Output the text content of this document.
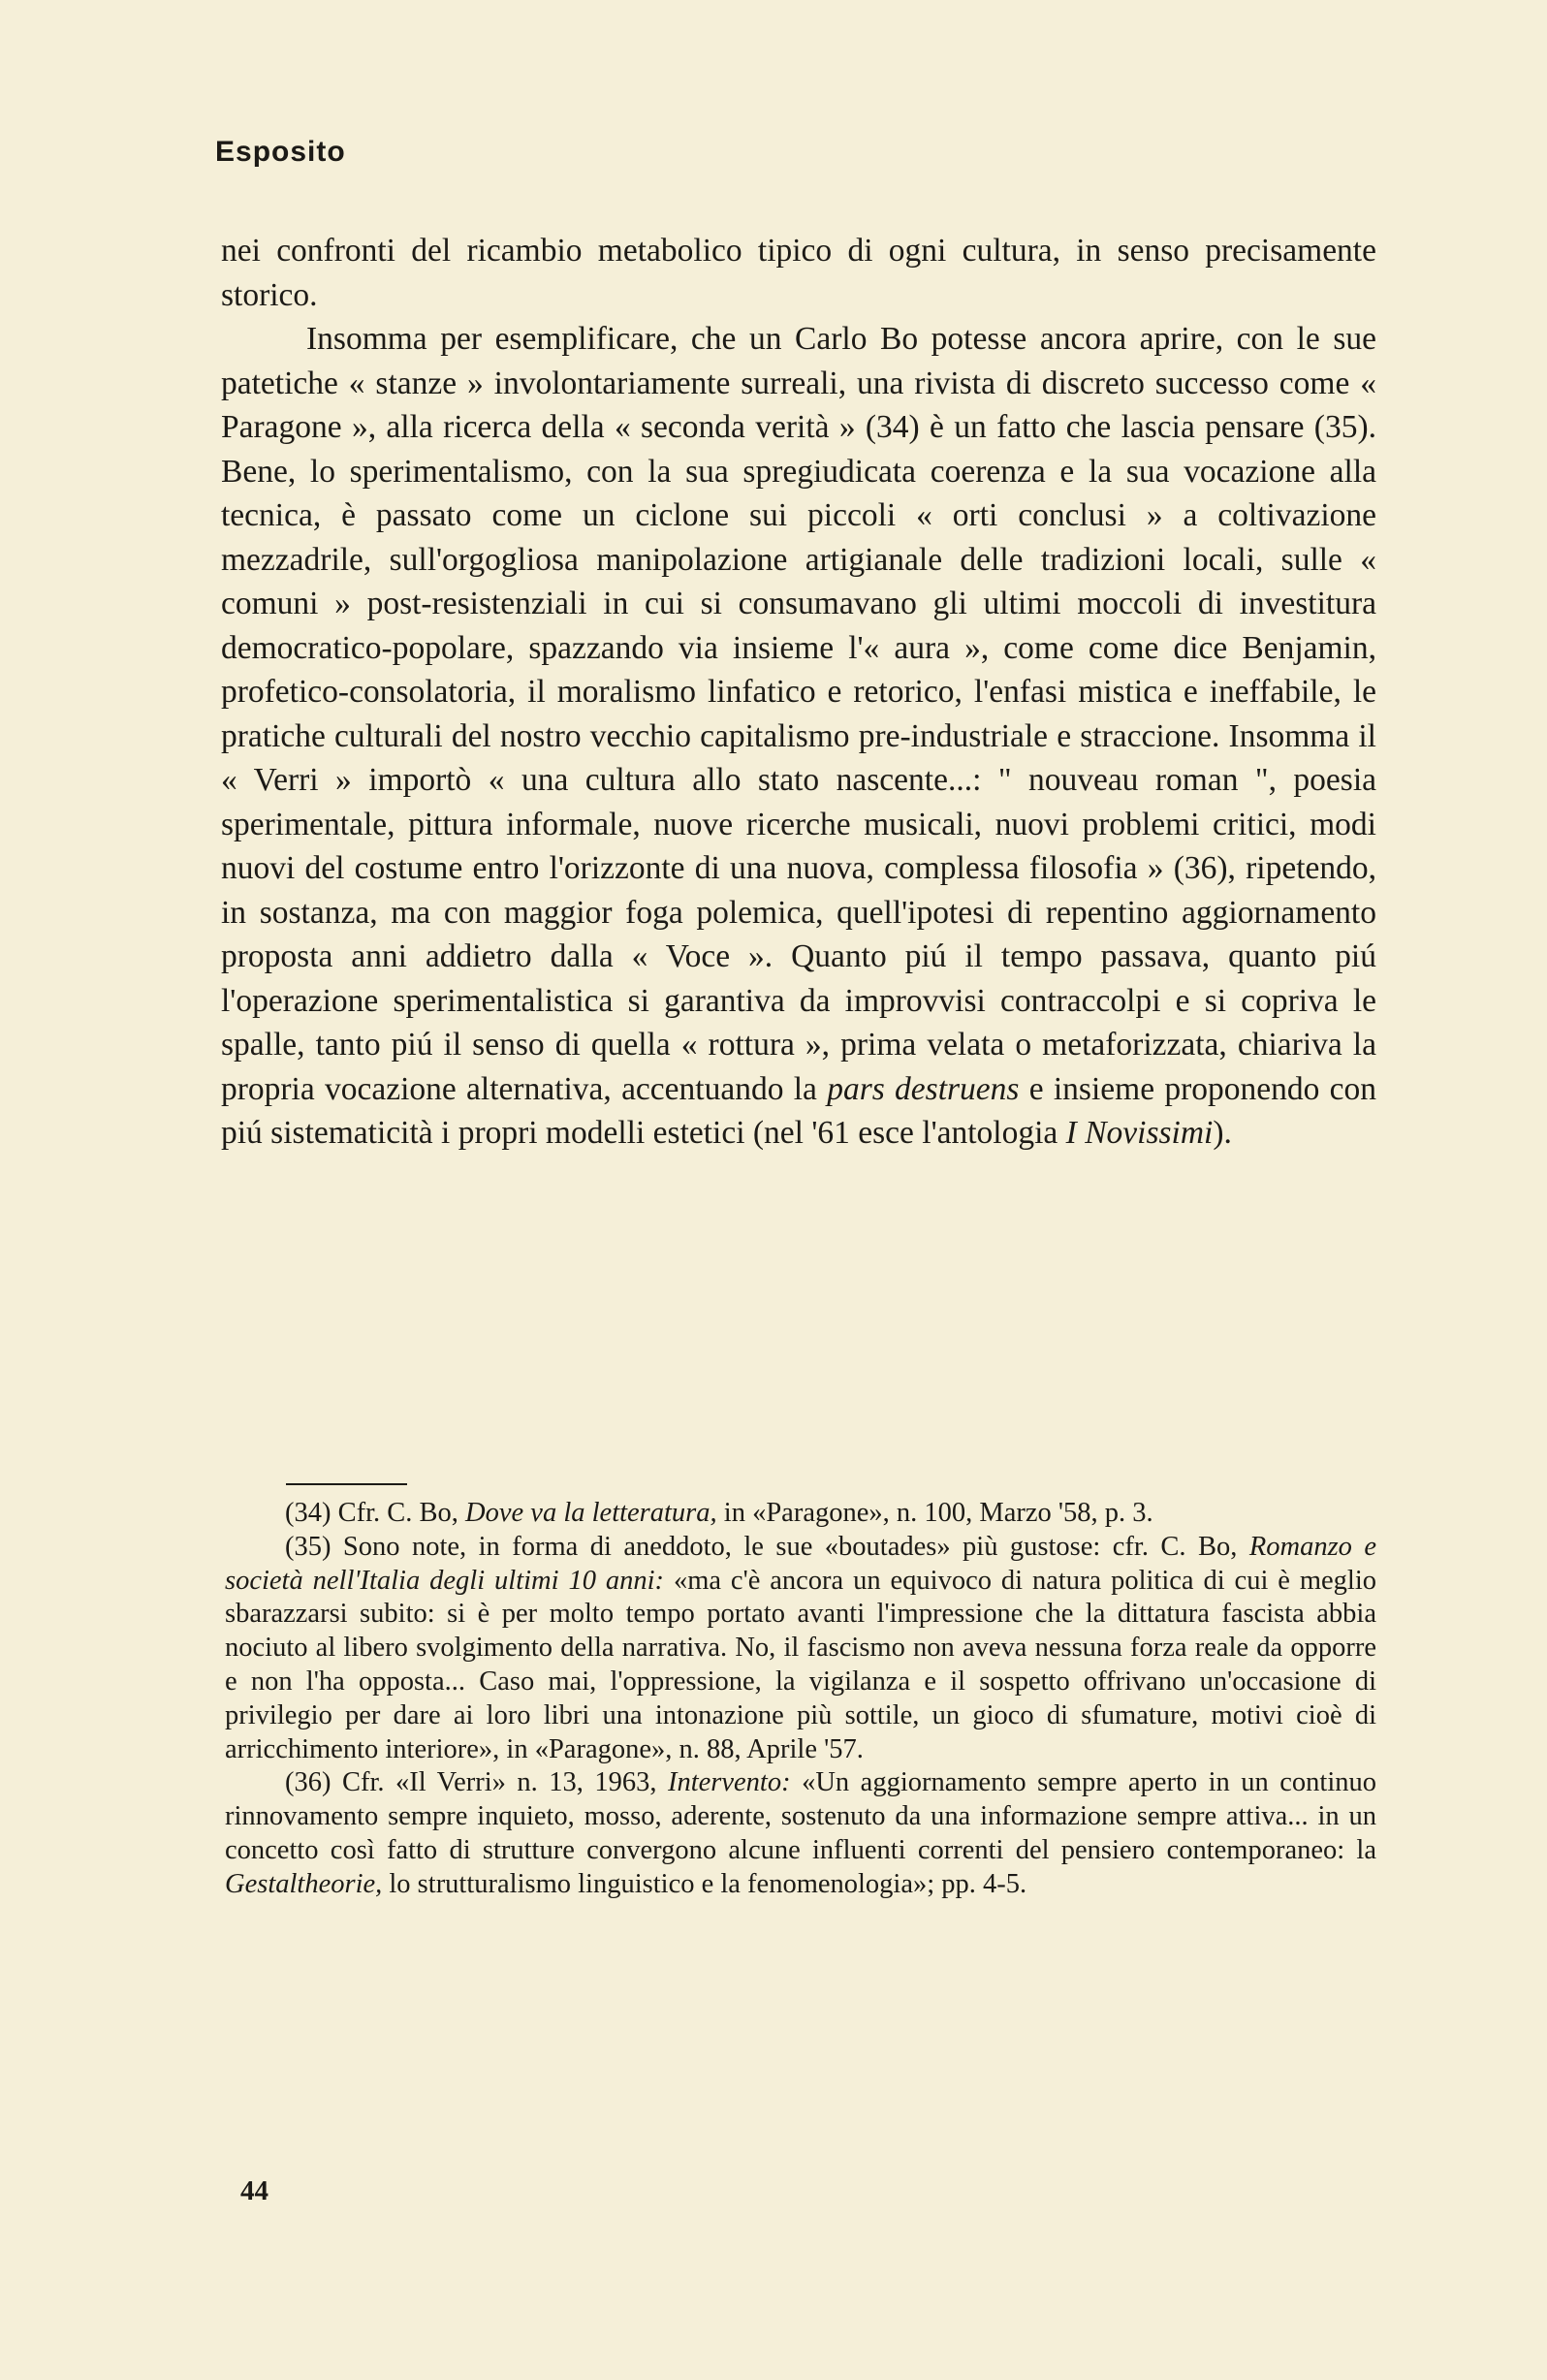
Esposito

nei confronti del ricambio metabolico tipico di ogni cultura, in senso precisamente storico.

Insomma per esemplificare, che un Carlo Bo potesse ancora aprire, con le sue patetiche « stanze » involontariamente surreali, una rivista di discreto successo come « Paragone », alla ricerca della « seconda verità » (34) è un fatto che lascia pensare (35). Bene, lo sperimentalismo, con la sua spregiudicata coerenza e la sua vocazione alla tecnica, è passato come un ciclone sui piccoli « orti conclusi » a coltivazione mezzadrile, sull'orgogliosa manipolazione artigianale delle tradizioni locali, sulle « comuni » post-resistenziali in cui si consumavano gli ultimi moccoli di investitura democratico-popolare, spazzando via insieme l'« aura », come come dice Benjamin, profetico-consolatoria, il moralismo linfatico e retorico, l'enfasi mistica e ineffabile, le pratiche culturali del nostro vecchio capitalismo pre-industriale e straccione. Insomma il « Verri » importò « una cultura allo stato nascente...: " nouveau roman ", poesia sperimentale, pittura informale, nuove ricerche musicali, nuovi problemi critici, modi nuovi del costume entro l'orizzonte di una nuova, complessa filosofia » (36), ripetendo, in sostanza, ma con maggior foga polemica, quell'ipotesi di repentino aggiornamento proposta anni addietro dalla « Voce ». Quanto piú il tempo passava, quanto piú l'operazione sperimentalistica si garantiva da improvvisi contraccolpi e si copriva le spalle, tanto piú il senso di quella « rottura », prima velata o metaforizzata, chiariva la propria vocazione alternativa, accentuando la pars destruens e insieme proponendo con piú sistematicità i propri modelli estetici (nel '61 esce l'antologia I Novissimi).

(34) Cfr. C. Bo, Dove va la letteratura, in «Paragone», n. 100, Marzo '58, p. 3.

(35) Sono note, in forma di aneddoto, le sue «boutades» più gustose: cfr. C. Bo, Romanzo e società nell'Italia degli ultimi 10 anni: «ma c'è ancora un equivoco di natura politica di cui è meglio sbarazzarsi subito: si è per molto tempo portato avanti l'impressione che la dittatura fascista abbia nociuto al libero svolgimento della narrativa. No, il fascismo non aveva nessuna forza reale da opporre e non l'ha opposta... Caso mai, l'oppressione, la vigilanza e il sospetto offrivano un'occasione di privilegio per dare ai loro libri una intonazione più sottile, un gioco di sfumature, motivi cioè di arricchimento interiore», in «Paragone», n. 88, Aprile '57.

(36) Cfr. «Il Verri» n. 13, 1963, Intervento: «Un aggiornamento sempre aperto in un continuo rinnovamento sempre inquieto, mosso, aderente, sostenuto da una informazione sempre attiva... in un concetto così fatto di strutture convergono alcune influenti correnti del pensiero contemporaneo: la Gestaltheorie, lo strutturalismo linguistico e la fenomenologia»; pp. 4-5.

44
